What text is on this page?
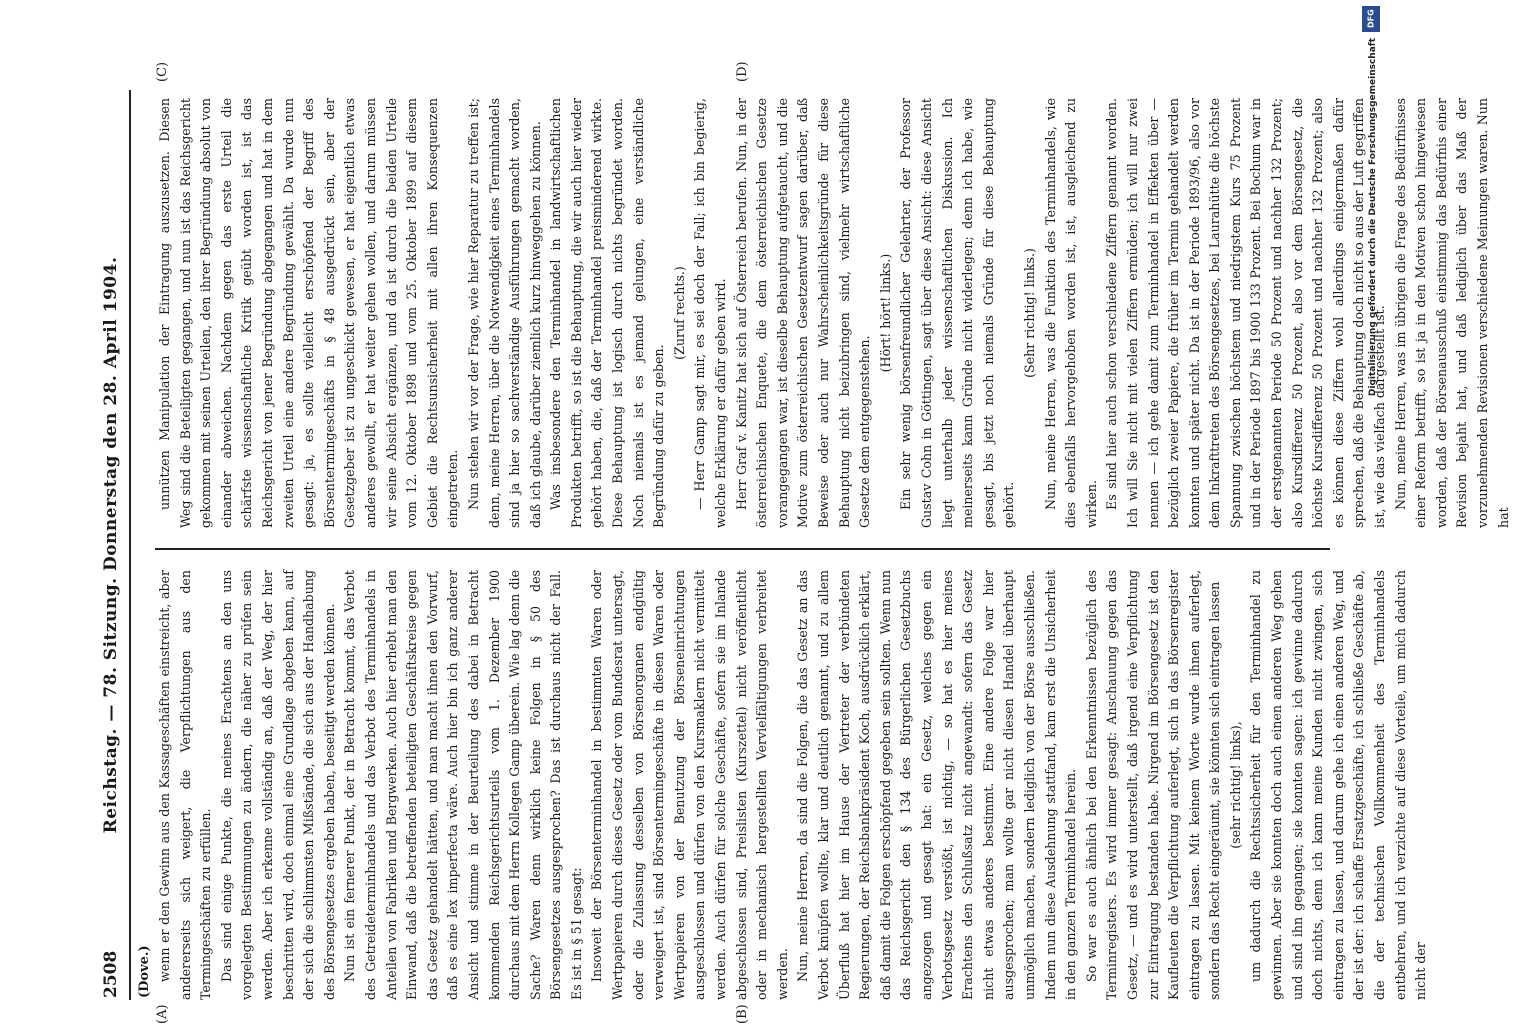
2508
Reichstag. — 78. Sitzung. Donnerstag den 28. April 1904.
(Dove.)
(A)	(B)
(C)	(D)

wenn er den Gewinn aus den Kassageschäften einstreicht, aber andererseits sich weigert, die Verpflichtungen aus den Termingeschäften zu erfüllen. Das sind einige Punkte, die meines Erachtens an den uns vorgelegten Bestimmungen zu ändern, die näher zu prüfen sein werden. Aber ich erkenne vollständig an, daß der Weg, der hier beschritten wird, doch einmal eine Grundlage abgeben kann, auf der sich die schlimmsten Mißstände, die sich aus der Handhabung des Börsengesetzes ergeben haben, beseitigt werden können. Nun ist ein fernerer Punkt, der in Betracht kommt, das Verbot des Getreideterminhandels und das Verbot des Terminhandels in Anteilen von Fabriken und Bergwerken. Auch hier erhebt man den Einwand, daß die betreffenden beteiligten Geschäftskreise gegen das Gesetz gehandelt hätten, und man macht ihnen den Vorwurf, daß es eine lex imperfecta wäre. Auch hier bin ich ganz anderer Ansicht und stimme in der Beurteilung des dabei in Betracht kommenden Reichsgerichtsurteils vom 1. Dezember 1900 durchaus mit dem Herrn Kollegen Gamp überein. Wie lag denn die Sache? Waren denn wirklich keine Folgen in § 50 des Börsengesetzes ausgesprochen? Das ist durchaus nicht der Fall. Es ist in § 51 gesagt: Insoweit der Börsenterminhandel in bestimmten Waren oder Wertpapieren durch dieses Gesetz oder vom Bundesrat untersagt, oder die Zulassung desselben von Börsenorganen endgültig verweigert ist, sind Börsentermingeschäfte in diesen Waren oder Wertpapieren von der Benutzung der Börseneinrichtungen ausgeschlossen und dürfen von den Kursmaklern nicht vermittelt werden. Auch dürfen für solche Geschäfte, sofern sie im Inlande abgeschlossen sind, Preislisten (Kurszettel) nicht veröffentlicht oder in mechanisch hergestellten Vervielfältigungen verbreitet werden. Nun, meine Herren, da sind die Folgen, die das Gesetz an das Verbot knüpfen wollte, klar und deutlich genannt, und zu allem Überfluß hat hier im Hause der Vertreter der verbündeten Regierungen, der Reichsbankpräsident Koch, ausdrücklich erklärt, daß damit die Folgen erschöpfend gegeben sein sollten. Wenn nun das Reichsgericht den § 134 des Bürgerlichen Gesetzbuchs angezogen und gesagt hat: ein Gesetz, welches gegen ein Verbotsgesetz verstößt, ist nichtig, — so hat es hier meines Erachtens den Schlußsatz nicht angewandt: sofern das Gesetz nicht etwas anderes bestimmt. Eine andere Folge war hier ausgesprochen; man wollte gar nicht diesen Handel überhaupt unmöglich machen, sondern lediglich von der Börse ausschließen. Indem nun diese Ausdehnung stattfand, kam erst die Unsicherheit in den ganzen Terminhandel herein. So war es auch ähnlich bei den Erkenntnissen bezüglich des Terminregisters. Es wird immer gesagt: Anschauung gegen das Gesetz, — und es wird unterstellt, daß irgend eine Verpflichtung zur Eintragung bestanden habe. Nirgend im Börsengesetz ist den Kaufleuten die Verpflichtung auferlegt, sich in das Börsenregister eintragen zu lassen. Mit keinem Worte wurde ihnen auferlegt, sondern das Recht eingeräumt, sie könnten sich eintragen lassen (sehr richtig! links), um dadurch die Rechtssicherheit für den Terminhandel zu gewinnen. Aber sie konnten doch auch einen anderen Weg gehen und sind ihn gegangen; sie konnten sagen: ich gewinne dadurch doch nichts, denn ich kann meine Kunden nicht zwingen, sich eintragen zu lassen, und darum gehe ich einen anderen Weg, und der ist der: ich schaffe Ersatzgeschäfte, ich schließe Geschäfte ab, die der technischen Vollkommenheit des Terminhandels entbehren, und ich verzichte auf diese Vorteile, um mich dadurch nicht der

unnützen Manipulation der Eintragung auszusetzen. Diesen Weg sind die Beteiligten gegangen, und nun ist das Reichsgericht gekommen mit seinen Urteilen, den ihrer Begründung absolut von einander abweichen. Nachdem gegen das erste Urteil die schärfste wissenschaftliche Kritik geübt worden ist, ist das Reichsgericht von jener Begründung abgegangen und hat in dem zweiten Urteil eine andere Begründung gewählt. Da wurde nun gesagt: ja, es sollte vielleicht erschöpfend der Begriff des Börsentermingeschäfts in § 48 ausgedrückt sein, aber der Gesetzgeber ist zu ungeschickt gewesen, er hat eigentlich etwas anderes gewollt, er hat weiter gehen wollen, und darum müssen wir seine Absicht ergänzen, und da ist durch die beiden Urteile vom 12. Oktober 1898 und vom 25. Oktober 1899 auf diesem Gebiet die Rechtsunsicherheit mit allen ihren Konsequenzen eingetreten. Nun stehen wir vor der Frage, wie hier Reparatur zu treffen ist; denn, meine Herren, über die Notwendigkeit eines Terminhandels sind ja hier so sachverständige Ausführungen gemacht worden, daß ich glaube, darüber ziemlich kurz hinweggehen zu können. Was insbesondere den Terminhandel in landwirtschaftlichen Produkten betrifft, so ist die Behauptung, die wir auch hier wieder gehört haben, die, daß der Terminhandel preisminderend wirkte. Diese Behauptung ist logisch durch nichts begründet worden. Noch niemals ist es jemand gelungen, eine verständliche Begründung dafür zu geben.

(Zuruf rechts.) — Herr Gamp sagt mir, es sei doch der Fall; ich bin begierig, welche Erklärung er dafür geben wird. Herr Graf v. Kanitz hat sich auf Österreich berufen. Nun, in der österreichischen Enquete, die dem österreichischen Gesetze vorangegangen war, ist dieselbe Behauptung aufgetaucht, und die Motive zum österreichischen Gesetzentwurf sagen darüber, daß Beweise oder auch nur Wahrscheinlichkeitsgründe für diese Behauptung nicht beizubringen sind, vielmehr wirtschaftliche Gesetze dem entgegenstehen.

(Hört! hört! links.) Ein sehr wenig börsenfreundlicher Gelehrter, der Professor Gustav Cohn in Göttingen, sagt über diese Ansicht: diese Ansicht liegt unterhalb jeder wissenschaftlichen Diskussion. Ich meinerseits kann Gründe nicht widerlegen; denn ich habe, wie gesagt, bis jetzt noch niemals Gründe für diese Behauptung gehört.

(Sehr richtig! links.) Nun, meine Herren, was die Funktion des Terminhandels, wie dies ebenfalls hervorgehoben worden ist, ist, ausgleichend zu wirken. Es sind hier auch schon verschiedene Ziffern genannt worden. Ich will Sie nicht mit vielen Ziffern ermüden; ich will nur zwei nennen — ich gehe damit zum Terminhandel in Effekten über — bezüglich zweier Papiere, die früher im Termin gehandelt werden konnten und später nicht. Da ist in der Periode 1893/96, also vor dem Inkrafttreten des Börsengesetzes, bei Laurahütte die höchste Spannung zwischen höchstem und niedrigstem Kurs 75 Prozent und in der Periode 1897 bis 1900 133 Prozent. Bei Bochum war in der erstgenannten Periode 50 Prozent und nachher 132 Prozent; also Kursdifferenz 50 Prozent, also vor dem Börsengesetz, die höchste Kursdifferenz 50 Prozent und nachher 132 Prozent; also es können diese Ziffern wohl allerdings einigermaßen dafür sprechen, daß die Behauptung doch nicht so aus der Luft gegriffen ist, wie das vielfach dargestellt ist. Nun, meine Herren, was im übrigen die Frage des Bedürfnisses einer Reform betrifft, so ist ja in den Motiven schon hingewiesen worden, daß der Börsenausschuß einstimmig das Bedürfnis einer Revision bejaht hat, und daß lediglich über das Maß der vorzunehmenden Revisionen verschiedene Meinungen waren. Nun hat

DFG
Digitalisierung gefördert durch die Deutsche Forschungsgemeinschaft
